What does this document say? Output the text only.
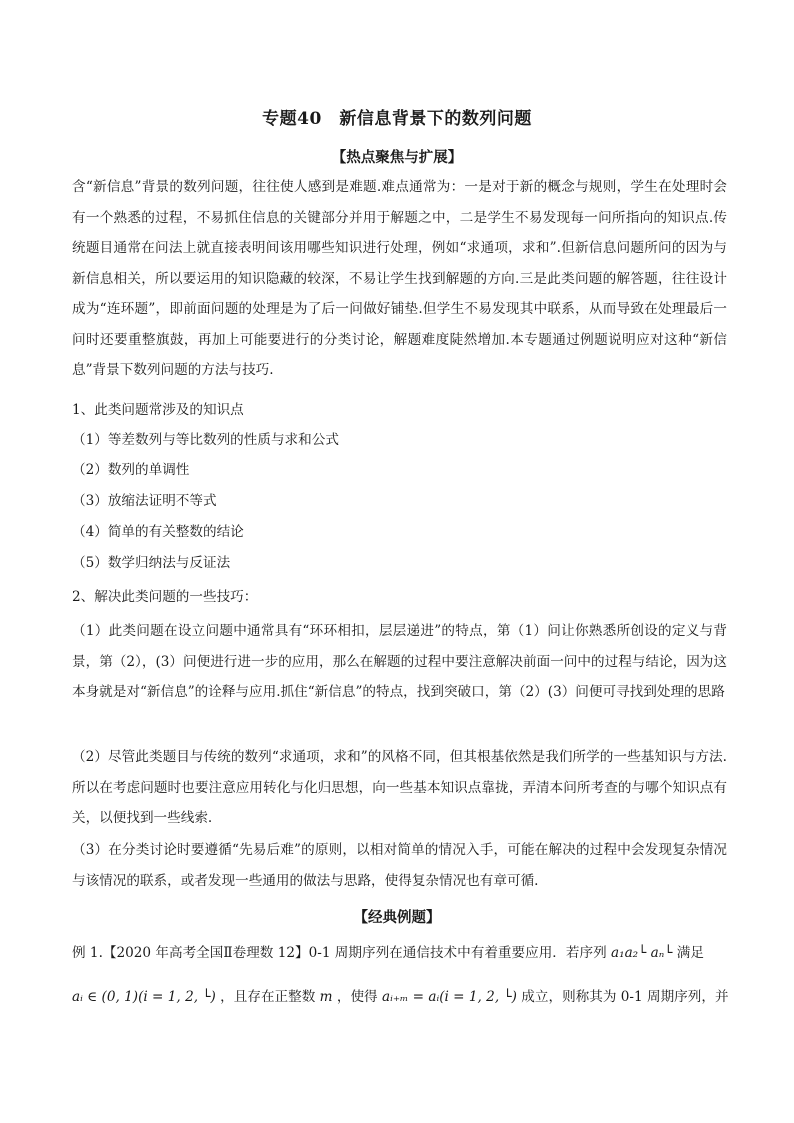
专题40　新信息背景下的数列问题
【热点聚焦与扩展】

含“新信息”背景的数列问题，往往使人感到是难题.难点通常为：一是对于新的概念与规则，学生在处理时会有一个熟悉的过程，不易抓住信息的关键部分并用于解题之中，二是学生不易发现每一问所指向的知识点.传统题目通常在问法上就直接表明间该用哪些知识进行处理，例如“求通项，求和”.但新信息问题所问的因为与新信息相关，所以要运用的知识隐藏的较深，不易让学生找到解题的方向.三是此类问题的解答题，往往设计成为“连环题”，即前面问题的处理是为了后一问做好铺垫.但学生不易发现其中联系，从而导致在处理最后一问时还要重整旗鼓，再加上可能要进行的分类讨论，解题难度陡然增加.本专题通过例题说明应对这种“新信息”背景下数列问题的方法与技巧.

1、此类问题常涉及的知识点
（1）等差数列与等比数列的性质与求和公式
（2）数列的单调性
（3）放缩法证明不等式
（4）简单的有关整数的结论
（5）数学归纳法与反证法
2、解决此类问题的一些技巧：

（1）此类问题在设立问题中通常具有“环环相扣，层层递进”的特点，第（1）问让你熟悉所创设的定义与背景，第（2），(3）问便进行进一步的应用，那么在解题的过程中要注意解决前面一问中的过程与结论，因为这本身就是对“新信息”的诠释与应用.抓住“新信息”的特点，找到突破口，第（2）(3）问便可寻找到处理的思路

（2）尽管此类题目与传统的数列“求通项，求和”的风格不同，但其根基依然是我们所学的一些基知识与方法.所以在考虑问题时也要注意应用转化与化归思想，向一些基本知识点靠拢，弄清本问所考查的与哪个知识点有关，以便找到一些线索.

（3）在分类讨论时要遵循“先易后难”的原则，以相对简单的情况入手，可能在解决的过程中会发现复杂情况与该情况的联系，或者发现一些通用的做法与思路，使得复杂情况也有章可循.

【经典例题】
例 1.【2020 年高考全国Ⅱ卷理数 12】0-1 周期序列在通信技术中有着重要应用．若序列 a₁a₂└ aₙ└ 满足
aᵢ ∈ (0, 1)(i = 1, 2, └) ，且存在正整数 m ，使得 aᵢ₊ₘ = aᵢ(i = 1, 2, └) 成立，则称其为 0-1 周期序列，并
